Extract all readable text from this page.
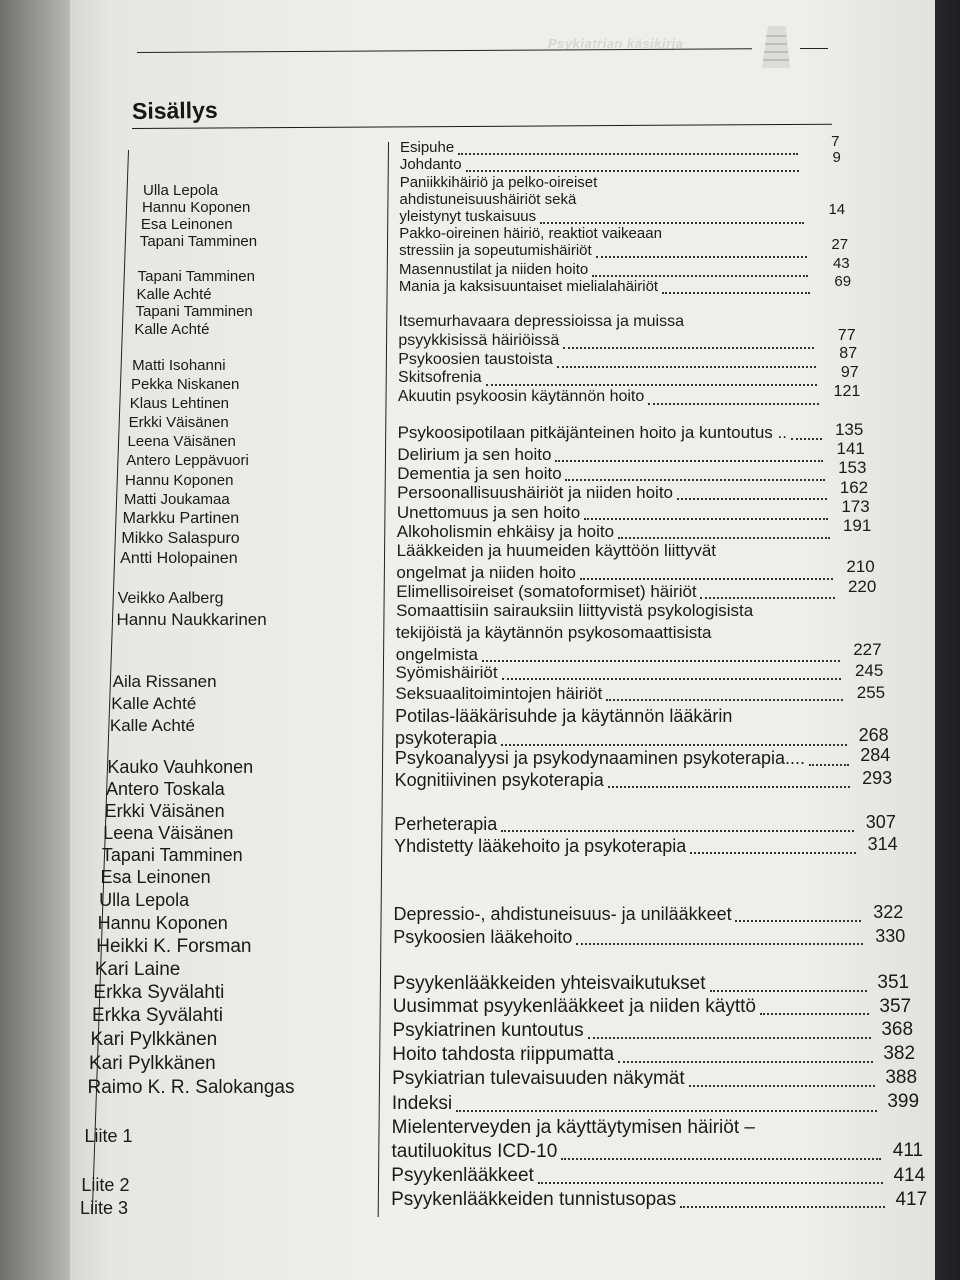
Psykiatrian käsikirja
Sisällys
Ulla Lepola
Hannu Koponen
Esa Leinonen
Tapani Tamminen
Tapani Tamminen
Kalle Achté
Tapani Tamminen
Kalle Achté
Matti Isohanni
Pekka Niskanen
Klaus Lehtinen
Erkki Väisänen
Leena Väisänen
Antero Leppävuori
Hannu Koponen
Matti Joukamaa
Markku Partinen
Mikko Salaspuro
Antti Holopainen
Veikko Aalberg
Hannu Naukkarinen
Aila Rissanen
Kalle Achté
Kalle Achté
Kauko Vauhkonen
Antero Toskala
Erkki Väisänen
Leena Väisänen
Tapani Tamminen
Esa Leinonen
Ulla Lepola
Hannu Koponen
Heikki K. Forsman
Kari Laine
Erkka Syvälahti
Erkka Syvälahti
Kari Pylkkänen
Kari Pylkkänen
Raimo K. R. Salokangas
Liite 1
Liite 2
Liite 3
Esipuhe	7
Johdanto	9
Paniikkihäiriö ja pelko-oireiset
ahdistuneisuushäiriöt sekä
yleistynyt tuskaisuus	14
Pakko-oireinen häiriö, reaktiot vaikeaan
stressiin ja sopeutumishäiriöt	27
Masennustilat ja niiden hoito	43
Mania ja kaksisuuntaiset mielialahäiriöt	69
Itsemurhavaara depressioissa ja muissa
psyykkisissä häiriöissä	77
Psykoosien taustoista	87
Skitsofrenia	97
Akuutin psykoosin käytännön hoito	121
Psykoosipotilaan pitkäjänteinen hoito ja kuntoutus ..	135
Delirium ja sen hoito	141
Dementia ja sen hoito	153
Persoonallisuushäiriöt ja niiden hoito	162
Unettomuus ja sen hoito	173
Alkoholismin ehkäisy ja hoito	191
Lääkkeiden ja huumeiden käyttöön liittyvät
ongelmat ja niiden hoito	210
Elimellisoireiset (somatoformiset) häiriöt	220
Somaattisiin sairauksiin liittyvistä psykologisista
tekijöistä ja käytännön psykosomaattisista
ongelmista	227
Syömishäiriöt	245
Seksuaalitoimintojen häiriöt	255
Potilas-lääkärisuhde ja käytännön lääkärin
psykoterapia	268
Psykoanalyysi ja psykodynaaminen psykoterapia....	284
Kognitiivinen psykoterapia	293
Perheterapia	307
Yhdistetty lääkehoito ja psykoterapia	314
Depressio-, ahdistuneisuus- ja unilääkkeet	322
Psykoosien lääkehoito	330
Psyykenlääkkeiden yhteisvaikutukset	351
Uusimmat psyykenlääkkeet ja niiden käyttö	357
Psykiatrinen kuntoutus	368
Hoito tahdosta riippumatta	382
Psykiatrian tulevaisuuden näkymät	388
Indeksi	399
Mielenterveyden ja käyttäytymisen häiriöt –
tautiluokitus ICD-10	411
Psyykenlääkkeet	414
Psyykenlääkkeiden tunnistusopas	417
